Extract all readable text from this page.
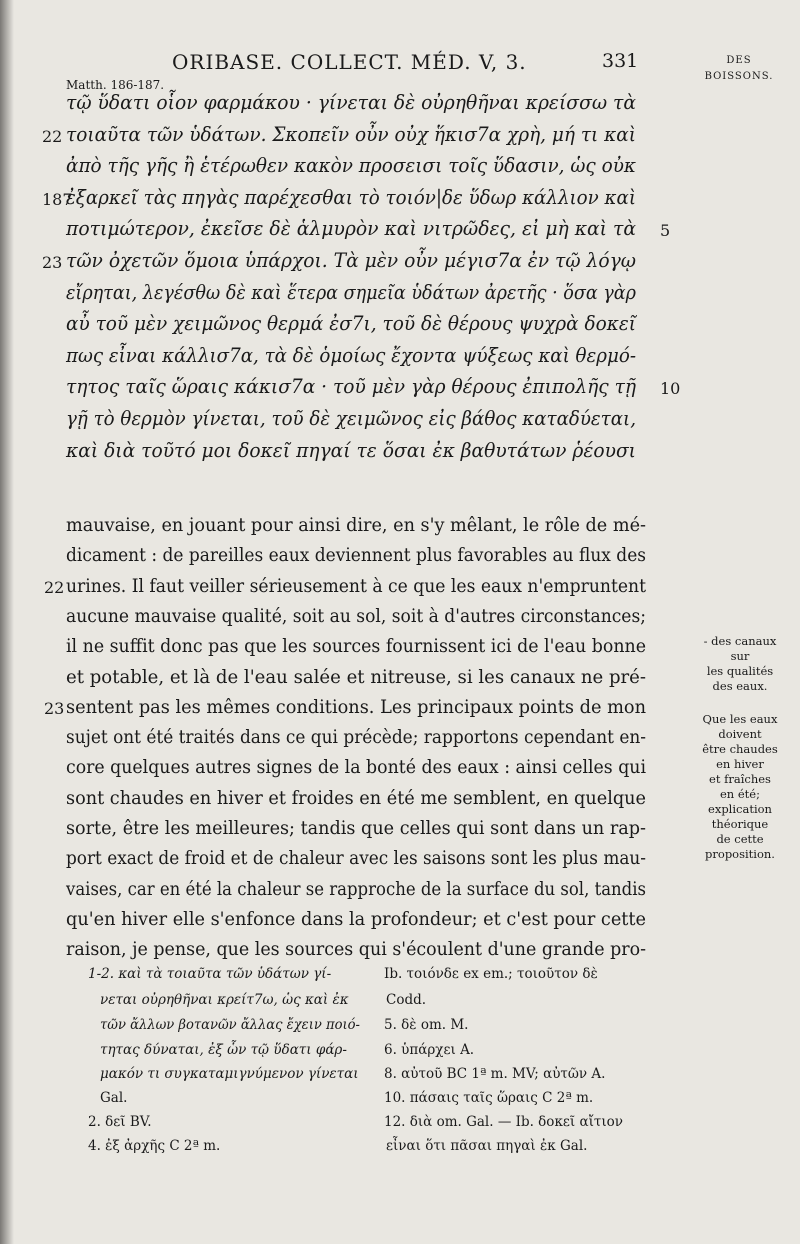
ORIBASE. COLLECT. MÉD. V, 3.	331	DES
BOISSONS.
Matth. 186-187.
τῷ ὕδατι οἷον φαρμάκου · γίνεται δὲ οὐρηθῆναι κρείσσω τὰ
τοιαῦτα τῶν ὑδάτων. Σκοπεῖν οὖν οὐχ ἥκισ7α χρὴ, μή τι καὶ
ἀπὸ τῆς γῆς ἢ ἑτέρωθεν κακὸν προσεισι τοῖς ὕδασιν, ὡς οὐκ
ἐξαρκεῖ τὰς πηγὰς παρέχεσθαι τὸ τοιόν|δε ὕδωρ κάλλιον καὶ
ποτιμώτερον, ἐκεῖσε δὲ ἁλμυρὸν καὶ νιτρῶδες, εἰ μὴ καὶ τὰ
τῶν ὀχετῶν ὅμοια ὑπάρχοι. Τὰ μὲν οὖν μέγισ7α ἐν τῷ λόγῳ
εἴρηται, λεγέσθω δὲ καὶ ἕτερα σημεῖα ὑδάτων ἀρετῆς · ὅσα γὰρ
αὖ τοῦ μὲν χειμῶνος θερμά ἐσ7ι, τοῦ δὲ θέρους ψυχρὰ δοκεῖ
πως εἶναι κάλλισ7α, τὰ δὲ ὁμοίως ἔχοντα ψύξεως καὶ θερμό-
τητος ταῖς ὥραις κάκισ7α · τοῦ μὲν γὰρ θέρους ἐπιπολῆς τῇ
γῇ τὸ θερμὸν γίνεται, τοῦ δὲ χειμῶνος εἰς βάθος καταδύεται,
καὶ διὰ τοῦτό μοι δοκεῖ πηγαί τε ὅσαι ἐκ βαθυτάτων ῥέουσι
22
187
23
5
10
mauvaise, en jouant pour ainsi dire, en s'y mêlant, le rôle de mé-
dicament : de pareilles eaux deviennent plus favorables au flux des
urines. Il faut veiller sérieusement à ce que les eaux n'empruntent
aucune mauvaise qualité, soit au sol, soit à d'autres circonstances;
il ne suffit donc pas que les sources fournissent ici de l'eau bonne
et potable, et là de l'eau salée et nitreuse, si les canaux ne pré-
sentent pas les mêmes conditions. Les principaux points de mon
sujet ont été traités dans ce qui précède; rapportons cependant en-
core quelques autres signes de la bonté des eaux : ainsi celles qui
sont chaudes en hiver et froides en été me semblent, en quelque
sorte, être les meilleures; tandis que celles qui sont dans un rap-
port exact de froid et de chaleur avec les saisons sont les plus mau-
vaises, car en été la chaleur se rapproche de la surface du sol, tandis
qu'en hiver elle s'enfonce dans la profondeur; et c'est pour cette
raison, je pense, que les sources qui s'écoulent d'une grande pro-
22
23
- des canaux
sur
les qualités
des eaux.
Que les eaux
doivent
être chaudes
en hiver
et fraîches
en été;
explication
théorique
de cette
proposition.
1-2. καὶ τὰ τοιαῦτα τῶν ὑδάτων γί-
νεται οὐρηθῆναι κρείτ7ω, ὡς καὶ ἐκ
τῶν ἄλλων βοτανῶν ἄλλας ἔχειν ποιό-
τητας δύναται, ἐξ ὧν τῷ ὕδατι φάρ-
μακόν τι συγκαταμιγνύμενον γίνεται
Gal.
2. δεῖ BV.
4. ἐξ ἀρχῆς C 2ª m.
Ib. τοιόνδε ex em.; τοιοῦτον δὲ
Codd.
5. δὲ om. M.
6. ὑπάρχει A.
8. αὐτοῦ BC 1ª m. MV; αὐτῶν A.
10. πάσαις ταῖς ὥραις C 2ª m.
12. διὰ om. Gal. — Ib. δοκεῖ αἴτιον
εἶναι ὅτι πᾶσαι πηγαὶ ἐκ Gal.
